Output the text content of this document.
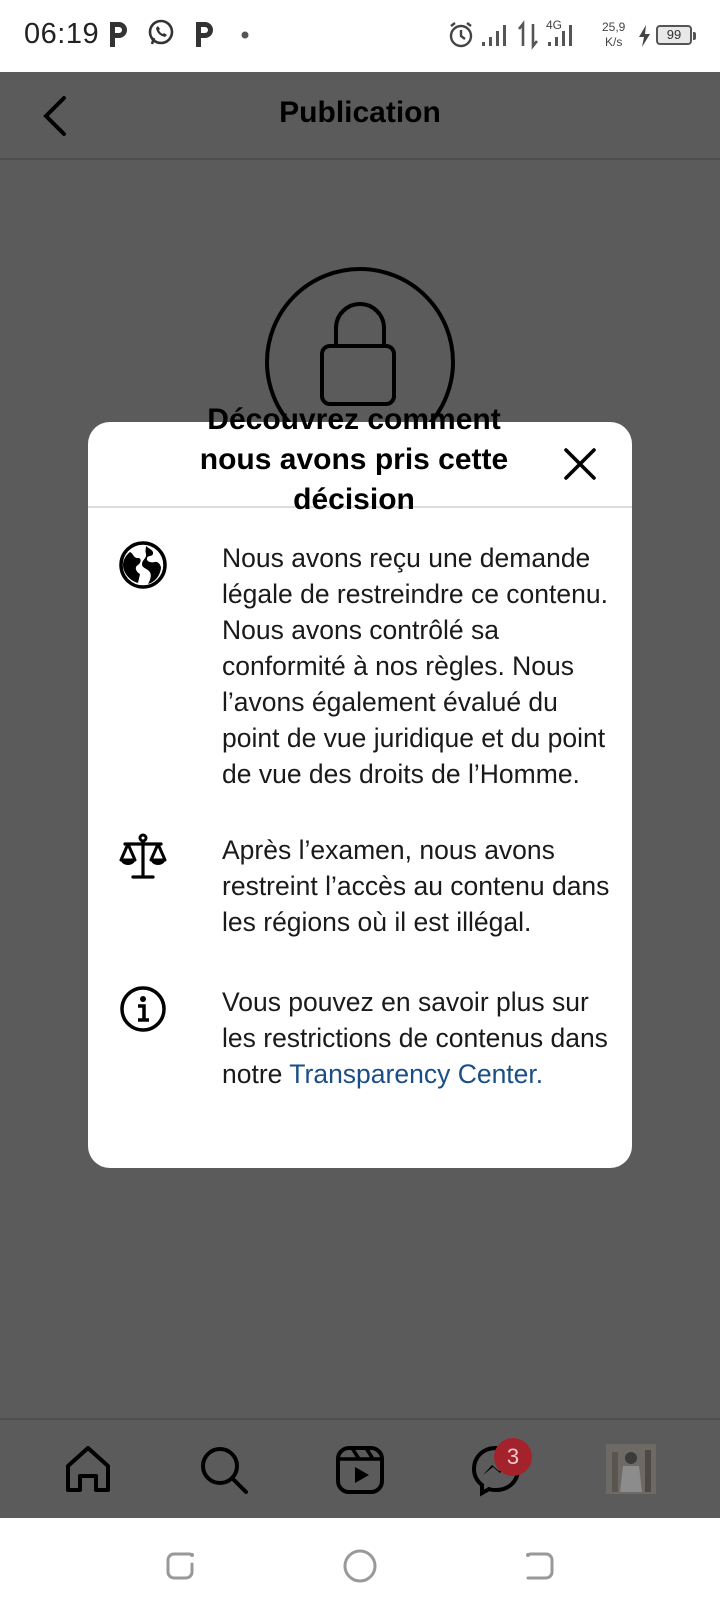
06:19	4G	25,9
K/s	99
Publication
3
Découvrez comment nous avons pris cette décision
Nous avons reçu une demande légale de restreindre ce contenu. Nous avons contrôlé sa conformité à nos règles. Nous l’avons également évalué du point de vue juridique et du point de vue des droits de l’Homme.
Après l’examen, nous avons restreint l’accès au contenu dans les régions où il est illégal.
Vous pouvez en savoir plus sur les restrictions de contenus dans notre Transparency Center.
